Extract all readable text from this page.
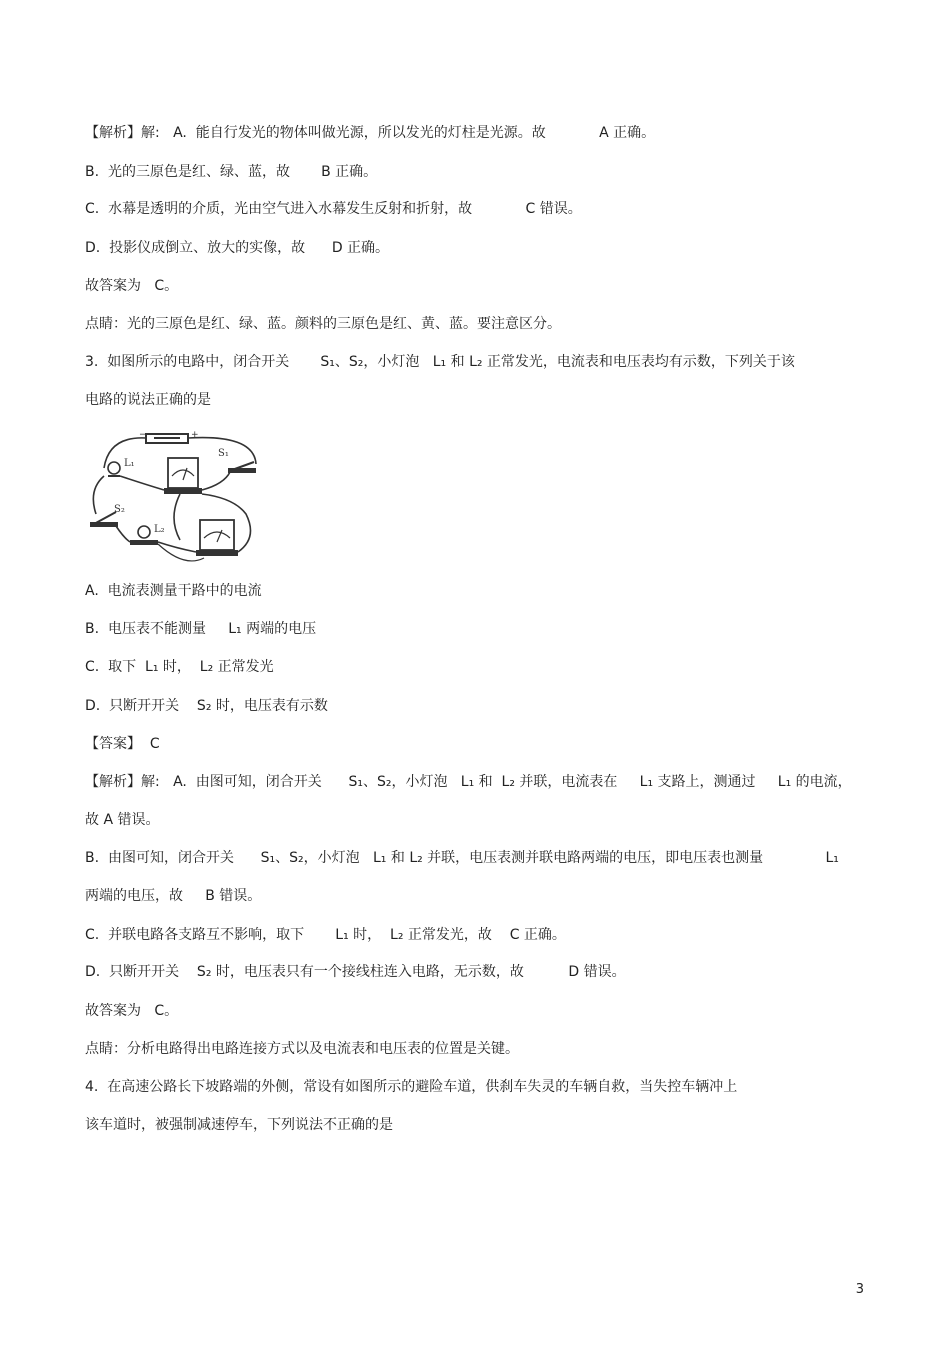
【解析】解:   A.  能自行发光的物体叫做光源，所以发光的灯柱是光源。故            A 正确。
B.  光的三原色是红、绿、蓝，故       B 正确。
C.  水幕是透明的介质，光由空气进入水幕发生反射和折射，故            C 错误。
D.  投影仪成倒立、放大的实像，故      D 正确。
故答案为   C。
点睛：光的三原色是红、绿、蓝。颜料的三原色是红、黄、蓝。要注意区分。
3.  如图所示的电路中，闭合开关       S₁、S₂，小灯泡   L₁ 和 L₂ 正常发光，电流表和电压表均有示数，下列关于该
电路的说法正确的是
−	+
L₁
S₁
S₂
L₂
A.  电流表测量干路中的电流
B.  电压表不能测量     L₁ 两端的电压
C.  取下  L₁ 时，  L₂ 正常发光
D.  只断开开关    S₂ 时，电压表有示数
【答案】  C
【解析】解:   A.  由图可知，闭合开关      S₁、S₂，小灯泡   L₁ 和  L₂ 并联，电流表在     L₁ 支路上，测通过     L₁ 的电流，
故 A 错误。
B.  由图可知，闭合开关      S₁、S₂，小灯泡   L₁ 和 L₂ 并联，电压表测并联电路两端的电压，即电压表也测量              L₁
两端的电压，故     B 错误。
C.  并联电路各支路互不影响，取下       L₁ 时，  L₂ 正常发光，故    C 正确。
D.  只断开开关    S₂ 时，电压表只有一个接线柱连入电路，无示数，故          D 错误。
故答案为   C。
点睛：分析电路得出电路连接方式以及电流表和电压表的位置是关键。
4.  在高速公路长下坡路端的外侧，常设有如图所示的避险车道，供刹车失灵的车辆自救，当失控车辆冲上
该车道时，被强制减速停车，下列说法不正确的是
3
